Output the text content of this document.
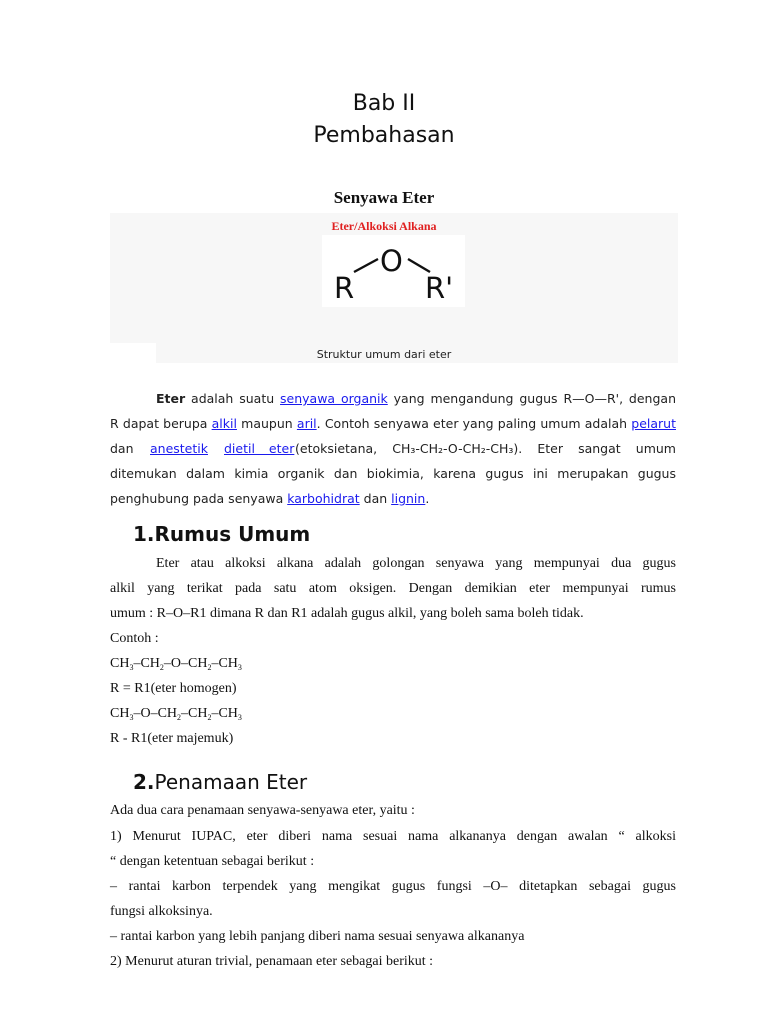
Bab II
Pembahasan
Senyawa Eter
Eter/Alkoksi Alkana
R
O
R'
Struktur umum dari eter
Eter adalah suatu senyawa organik yang mengandung gugus R—O—R', dengan
R dapat berupa alkil maupun aril. Contoh senyawa eter yang paling umum adalah pelarut
dan anestetik dietil eter (etoksietana, CH₃-CH₂-O-CH₂-CH₃). Eter sangat umum
ditemukan dalam kimia organik dan biokimia, karena gugus ini merupakan gugus
penghubung pada senyawa karbohidrat dan lignin.
1.Rumus Umum
Eter atau alkoksi alkana adalah golongan senyawa yang mempunyai dua gugus
alkil yang terikat pada satu atom oksigen. Dengan demikian eter mempunyai rumus
umum : R–O–R1 dimana R dan R1 adalah gugus alkil, yang boleh sama boleh tidak.
Contoh :
$CH_3-CH_2-O-CH_2-CH_3$
R = R1(eter homogen)
$CH_3-O-CH_2-CH_2-CH_3$
R - R1(eter majemuk)
2.Penamaan Eter
Ada dua cara penamaan senyawa-senyawa eter, yaitu :
1) Menurut IUPAC, eter diberi nama sesuai nama alkananya dengan awalan “ alkoksi
“ dengan ketentuan sebagai berikut :
– rantai karbon terpendek yang mengikat gugus fungsi –O– ditetapkan sebagai gugus
fungsi alkoksinya.
– rantai karbon yang lebih panjang diberi nama sesuai senyawa alkananya
2) Menurut aturan trivial, penamaan eter sebagai berikut :
